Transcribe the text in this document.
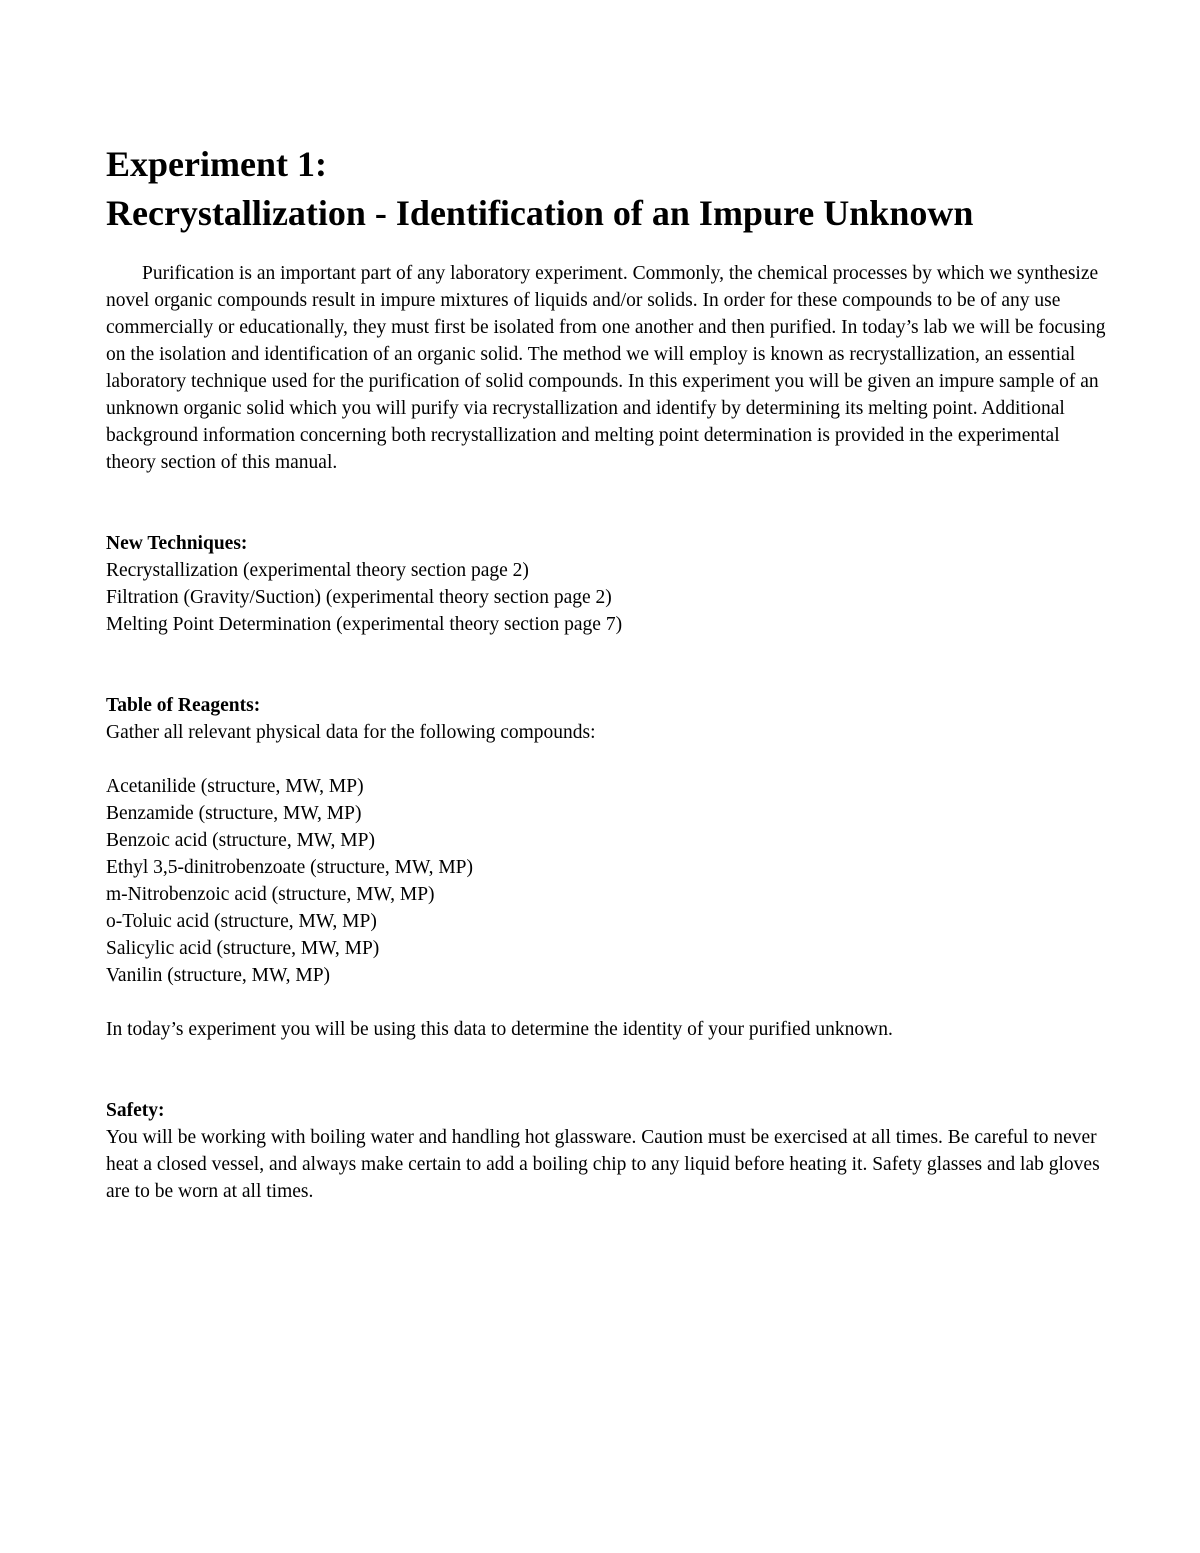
Experiment 1:
Recrystallization - Identification of an Impure Unknown

Purification is an important part of any laboratory experiment. Commonly, the chemical processes by which we synthesize novel organic compounds result in impure mixtures of liquids and/or solids. In order for these compounds to be of any use commercially or educationally, they must first be isolated from one another and then purified. In today’s lab we will be focusing on the isolation and identification of an organic solid. The method we will employ is known as recrystallization, an essential laboratory technique used for the purification of solid compounds. In this experiment you will be given an impure sample of an unknown organic solid which you will purify via recrystallization and identify by determining its melting point. Additional background information concerning both recrystallization and melting point determination is provided in the experimental theory section of this manual.

New Techniques:
Recrystallization (experimental theory section page 2)
Filtration (Gravity/Suction) (experimental theory section page 2)
Melting Point Determination (experimental theory section page 7)
Table of Reagents:
Gather all relevant physical data for the following compounds:
Acetanilide (structure, MW, MP)
Benzamide (structure, MW, MP)
Benzoic acid (structure, MW, MP)
Ethyl 3,5-dinitrobenzoate (structure, MW, MP)
m-Nitrobenzoic acid (structure, MW, MP)
o-Toluic acid (structure, MW, MP)
Salicylic acid (structure, MW, MP)
Vanilin (structure, MW, MP)
In today’s experiment you will be using this data to determine the identity of your purified unknown.
Safety:
You will be working with boiling water and handling hot glassware. Caution must be exercised at all times. Be careful to never heat a closed vessel, and always make certain to add a boiling chip to any liquid before heating it. Safety glasses and lab gloves are to be worn at all times.
